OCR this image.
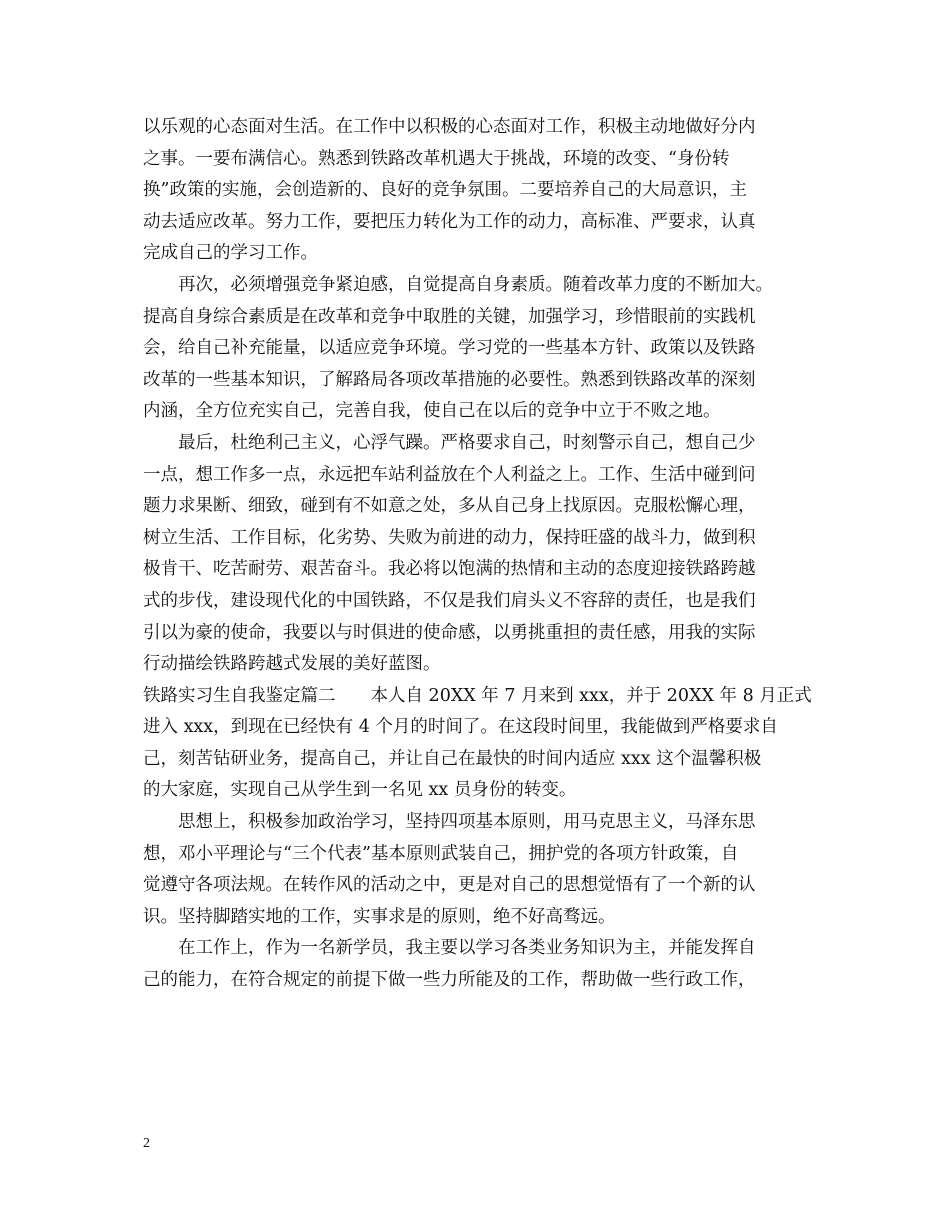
以乐观的心态面对生活。在工作中以积极的心态面对工作，积极主动地做好分内
之事。一要布满信心。熟悉到铁路改革机遇大于挑战，环境的改变、“身份转
换”政策的实施，会创造新的、良好的竞争氛围。二要培养自己的大局意识，主
动去适应改革。努力工作，要把压力转化为工作的动力，高标准、严要求，认真
完成自己的学习工作。
再次，必须增强竞争紧迫感，自觉提高自身素质。随着改革力度的不断加大。
提高自身综合素质是在改革和竞争中取胜的关键，加强学习，珍惜眼前的实践机
会，给自己补充能量，以适应竞争环境。学习党的一些基本方针、政策以及铁路
改革的一些基本知识，了解路局各项改革措施的必要性。熟悉到铁路改革的深刻
内涵，全方位充实自己，完善自我，使自己在以后的竞争中立于不败之地。
最后，杜绝利己主义，心浮气躁。严格要求自己，时刻警示自己，想自己少
一点，想工作多一点，永远把车站利益放在个人利益之上。工作、生活中碰到问
题力求果断、细致，碰到有不如意之处，多从自己身上找原因。克服松懈心理，
树立生活、工作目标，化劣势、失败为前进的动力，保持旺盛的战斗力，做到积
极肯干、吃苦耐劳、艰苦奋斗。我必将以饱满的热情和主动的态度迎接铁路跨越
式的步伐，建设现代化的中国铁路，不仅是我们肩头义不容辞的责任，也是我们
引以为豪的使命，我要以与时俱进的使命感，以勇挑重担的责任感，用我的实际
行动描绘铁路跨越式发展的美好蓝图。
铁路实习生自我鉴定篇二　　本人自 20XX 年 7 月来到 xxx，并于 20XX 年 8 月正式
进入 xxx，到现在已经快有 4 个月的时间了。在这段时间里，我能做到严格要求自
己，刻苦钻研业务，提高自己，并让自己在最快的时间内适应 xxx 这个温馨积极
的大家庭，实现自己从学生到一名见 xx 员身份的转变。
思想上，积极参加政治学习，坚持四项基本原则，用马克思主义，马泽东思
想，邓小平理论与“三个代表”基本原则武装自己，拥护党的各项方针政策，自
觉遵守各项法规。在转作风的活动之中，更是对自己的思想觉悟有了一个新的认
识。坚持脚踏实地的工作，实事求是的原则，绝不好高骛远。
在工作上，作为一名新学员，我主要以学习各类业务知识为主，并能发挥自
己的能力，在符合规定的前提下做一些力所能及的工作，帮助做一些行政工作，
2
